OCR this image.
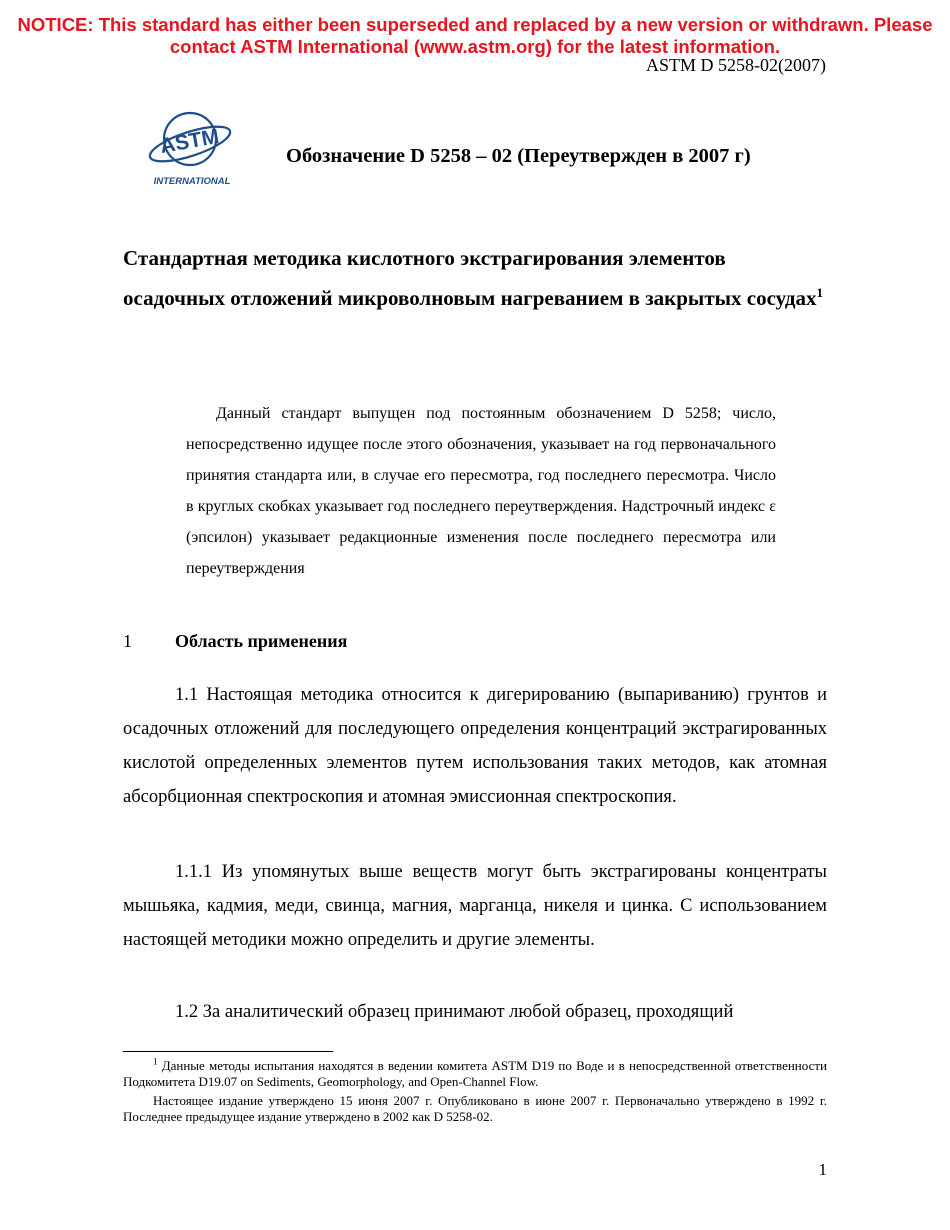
NOTICE: This standard has either been superseded and replaced by a new version or withdrawn. Please
contact ASTM International (www.astm.org) for the latest information.
ASTM D 5258-02(2007)
ASTM
INTERNATIONAL
Обозначение D 5258 – 02 (Переутвержден в 2007 г)
Стандартная методика кислотного экстрагирования элементов осадочных отложений микроволновым нагреванием в закрытых сосудах$^1$
Данный стандарт выпущен под постоянным обозначением D 5258; число, непосредственно идущее после этого обозначения, указывает на год первоначального принятия стандарта или, в случае его пересмотра, год последнего пересмотра. Число в круглых скобках указывает год последнего переутверждения. Надстрочный индекс ε (эпсилон) указывает редакционные изменения после последнего пересмотра или переутверждения
1 Область применения
1.1 Настоящая методика относится к дигерированию (выпариванию) грунтов и осадочных отложений для последующего определения концентраций экстрагированных кислотой определенных элементов путем использования таких методов, как атомная абсорбционная спектроскопия и атомная эмиссионная спектроскопия.
1.1.1 Из упомянутых выше веществ могут быть экстрагированы концентраты мышьяка, кадмия, меди, свинца, магния, марганца, никеля и цинка. С использованием настоящей методики можно определить и другие элементы.
1.2 За аналитический образец принимают любой образец, проходящий
$^1$ Данные методы испытания находятся в ведении комитета ASTM D19 по Воде и в непосредственной ответственности Подкомитета D19.07 on Sediments, Geomorphology, and Open-Channel Flow.
Настоящее издание утверждено 15 июня 2007 г. Опубликовано в июне 2007 г. Первоначально утверждено в 1992 г. Последнее предыдущее издание утверждено в 2002 как D 5258-02.
1
